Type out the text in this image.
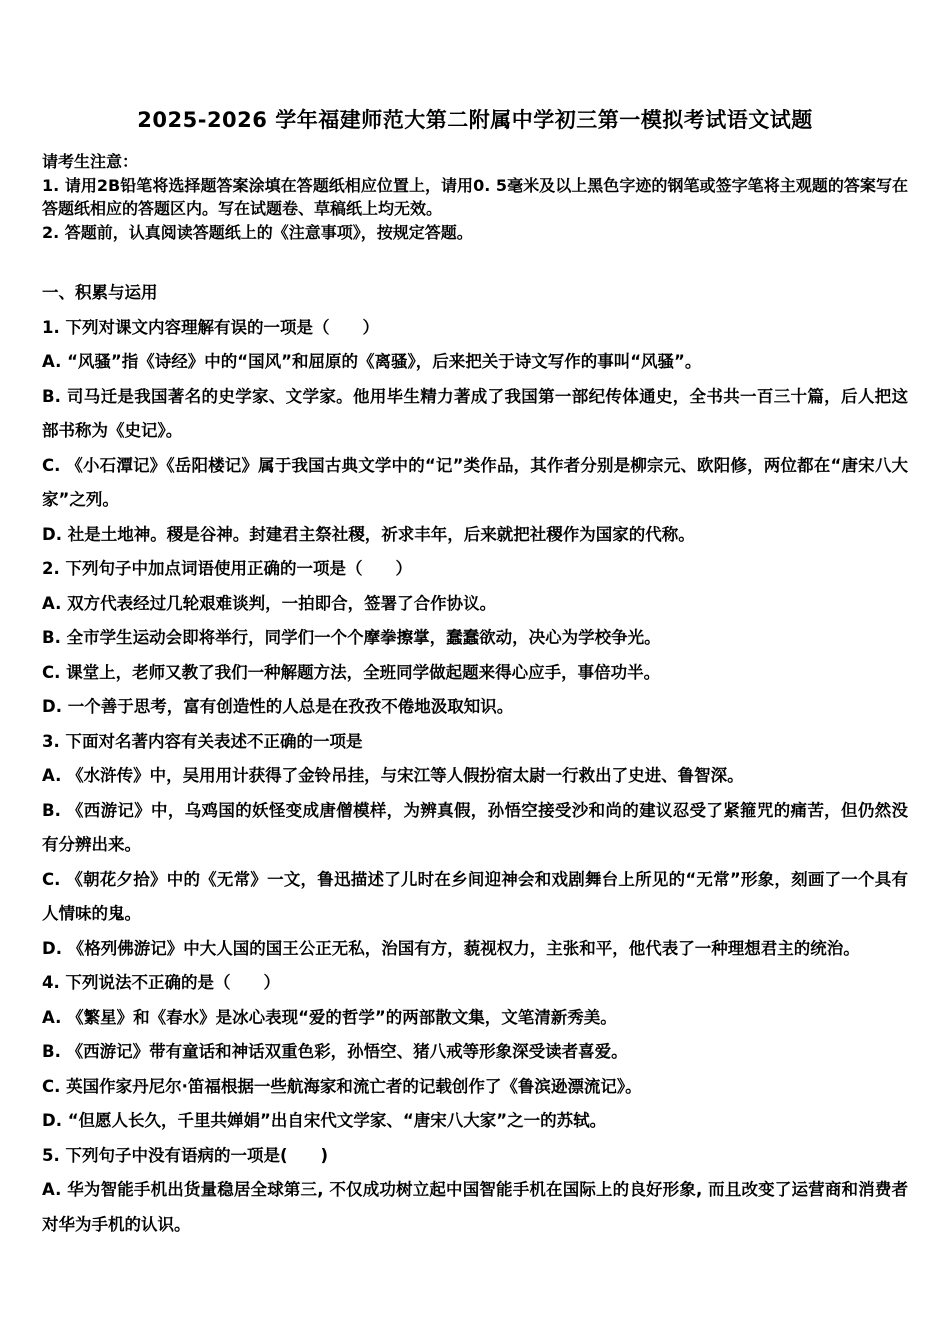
2025-2026 学年福建师范大第二附属中学初三第一模拟考试语文试题

请考生注意：

1. 请用2B铅笔将选择题答案涂填在答题纸相应位置上，请用0. 5毫米及以上黑色字迹的钢笔或签字笔将主观题的答案写在答题纸相应的答题区内。写在试题卷、草稿纸上均无效。

2. 答题前，认真阅读答题纸上的《注意事项》，按规定答题。

一、积累与运用

1. 下列对课文内容理解有误的一项是（　　）

A. “风骚”指《诗经》中的“国风”和屈原的《离骚》，后来把关于诗文写作的事叫“风骚”。

B. 司马迁是我国著名的史学家、文学家。他用毕生精力著成了我国第一部纪传体通史，全书共一百三十篇，后人把这部书称为《史记》。

C. 《小石潭记》《岳阳楼记》属于我国古典文学中的“记”类作品，其作者分别是柳宗元、欧阳修，两位都在“唐宋八大家”之列。

D. 社是土地神。稷是谷神。封建君主祭社稷，祈求丰年，后来就把社稷作为国家的代称。

2. 下列句子中加点词语使用正确的一项是（　　）

A. 双方代表经过几轮艰难谈判，一拍即合，签署了合作协议。

B. 全市学生运动会即将举行，同学们一个个摩拳擦掌，蠢蠢欲动，决心为学校争光。

C. 课堂上，老师又教了我们一种解题方法，全班同学做起题来得心应手，事倍功半。

D. 一个善于思考，富有创造性的人总是在孜孜不倦地汲取知识。

3. 下面对名著内容有关表述不正确的一项是

A. 《水浒传》中，吴用用计获得了金铃吊挂，与宋江等人假扮宿太尉一行救出了史进、鲁智深。

B. 《西游记》中，乌鸡国的妖怪变成唐僧模样，为辨真假，孙悟空接受沙和尚的建议忍受了紧箍咒的痛苦，但仍然没有分辨出来。

C. 《朝花夕拾》中的《无常》一文，鲁迅描述了儿时在乡间迎神会和戏剧舞台上所见的“无常”形象，刻画了一个具有人情味的鬼。

D. 《格列佛游记》中大人国的国王公正无私，治国有方，藐视权力，主张和平，他代表了一种理想君主的统治。

4. 下列说法不正确的是（　　）

A. 《繁星》和《春水》是冰心表现“爱的哲学”的两部散文集，文笔清新秀美。

B. 《西游记》带有童话和神话双重色彩，孙悟空、猪八戒等形象深受读者喜爱。

C. 英国作家丹尼尔·笛福根据一些航海家和流亡者的记载创作了《鲁滨逊漂流记》。

D. “但愿人长久，千里共婵娟”出自宋代文学家、“唐宋八大家”之一的苏轼。

5. 下列句子中没有语病的一项是(　　)

A. 华为智能手机出货量稳居全球第三, 不仅成功树立起中国智能手机在国际上的良好形象, 而且改变了运营商和消费者对华为手机的认识。
